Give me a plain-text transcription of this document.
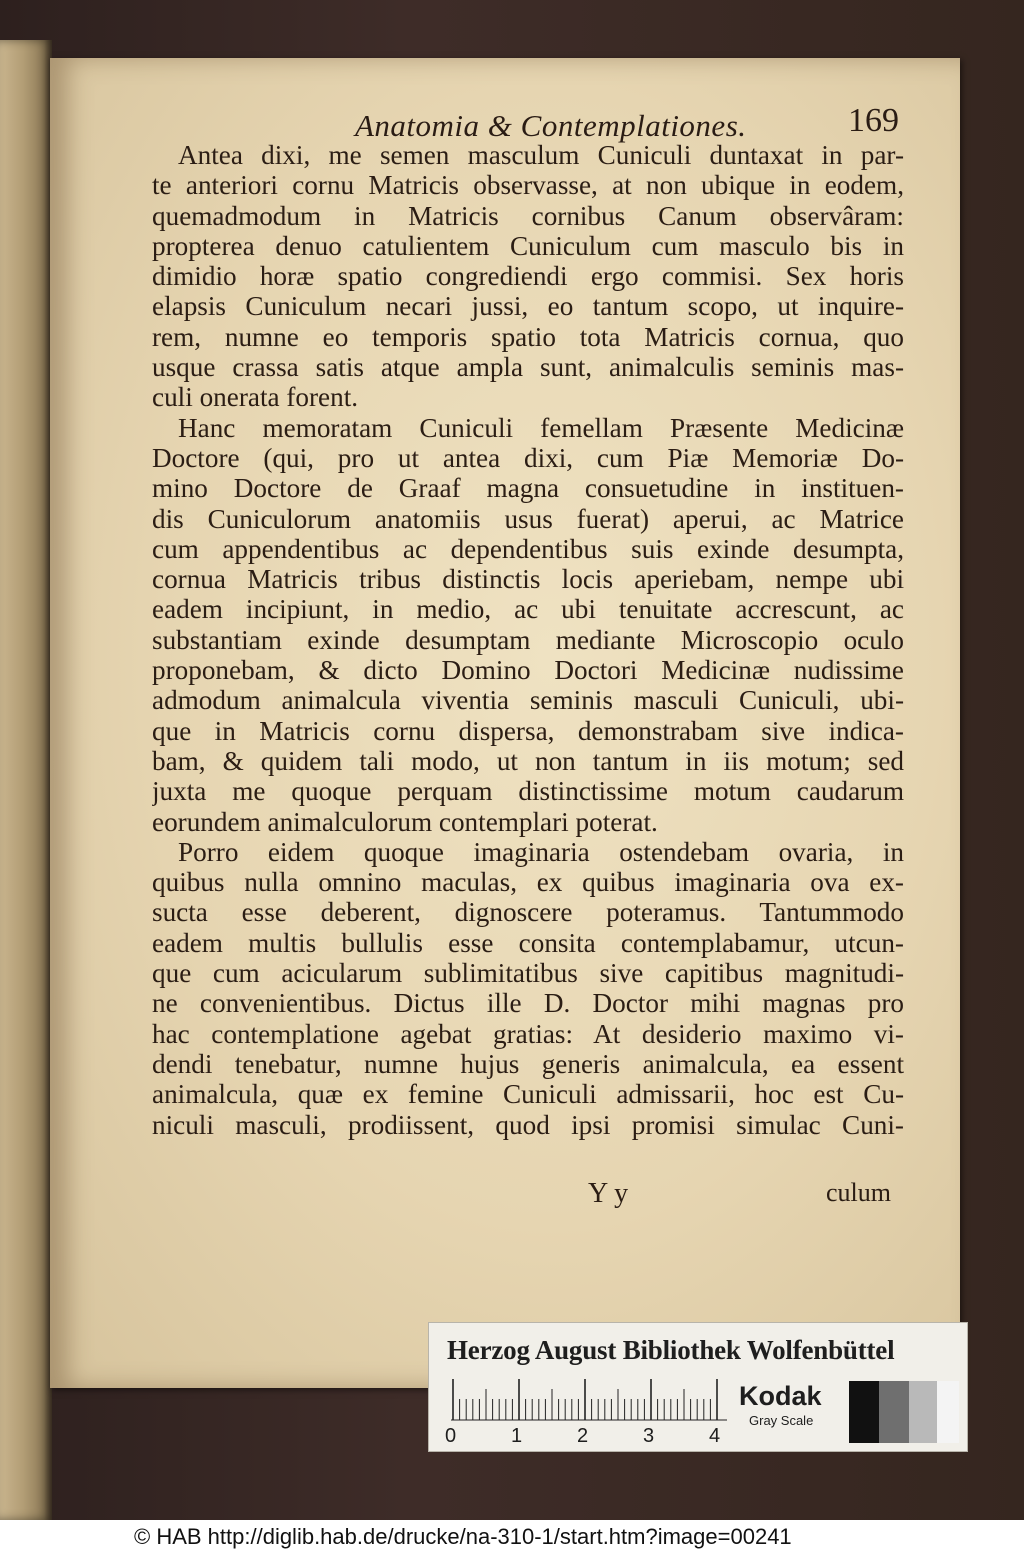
Anatomia & Contemplationes.	169
Antea dixi, me semen masculum Cuniculi duntaxat in par-
te anteriori cornu Matricis observasse, at non ubique in eodem,
quemadmodum in Matricis cornibus Canum observâram:
propterea denuo catulientem Cuniculum cum masculo bis in
dimidio horæ spatio congrediendi ergo commisi. Sex horis
elapsis Cuniculum necari jussi, eo tantum scopo, ut inquire-
rem, numne eo temporis spatio tota Matricis cornua, quo
usque crassa satis atque ampla sunt, animalculis seminis mas-
culi onerata forent.
Hanc memoratam Cuniculi femellam Præsente Medicinæ
Doctore (qui, pro ut antea dixi, cum Piæ Memoriæ Do-
mino Doctore de Graaf magna consuetudine in instituen-
dis Cuniculorum anatomiis usus fuerat) aperui, ac Matrice
cum appendentibus ac dependentibus suis exinde desumpta,
cornua Matricis tribus distinctis locis aperiebam, nempe ubi
eadem incipiunt, in medio, ac ubi tenuitate accrescunt, ac
substantiam exinde desumptam mediante Microscopio oculo
proponebam, & dicto Domino Doctori Medicinæ nudissime
admodum animalcula viventia seminis masculi Cuniculi, ubi-
que in Matricis cornu dispersa, demonstrabam sive indica-
bam, & quidem tali modo, ut non tantum in iis motum; sed
juxta me quoque perquam distinctissime motum caudarum
eorundem animalculorum contemplari poterat.
Porro eidem quoque imaginaria ostendebam ovaria, in
quibus nulla omnino maculas, ex quibus imaginaria ova ex-
sucta esse deberent, dignoscere poteramus. Tantummodo
eadem multis bullulis esse consita contemplabamur, utcun-
que cum acicularum sublimitatibus sive capitibus magnitudi-
ne convenientibus. Dictus ille D. Doctor mihi magnas pro
hac contemplatione agebat gratias: At desiderio maximo vi-
dendi tenebatur, numne hujus generis animalcula, ea essent
animalcula, quæ ex femine Cuniculi admissarii, hoc est Cu-
niculi masculi, prodiissent, quod ipsi promisi simulac Cuni-
Y y	culum
Herzog August Bibliothek Wolfenbüttel
0	1	2	3	4
Kodak
Gray Scale
© HAB http://diglib.hab.de/drucke/na-310-1/start.htm?image=00241
